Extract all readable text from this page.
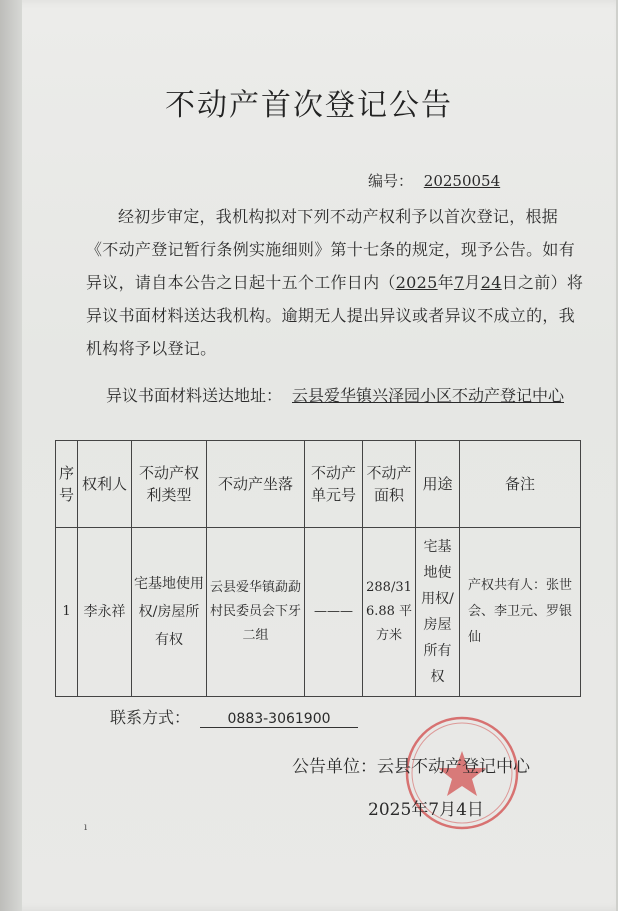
不动产首次登记公告
编号： 20250054
经初步审定，我机构拟对下列不动产权利予以首次登记，根据《不动产登记暂行条例实施细则》第十七条的规定，现予公告。如有异议，请自本公告之日起十五个工作日内（2025年7月24日之前）将异议书面材料送达我机构。逾期无人提出异议或者异议不成立的，我机构将予以登记。
异议书面材料送达地址： 云县爱华镇兴泽园小区不动产登记中心
序号	权利人	不动产权利类型	不动产坐落	不动产单元号	不动产面积	用途	备注
1	李永祥	宅基地使用权/房屋所有权	云县爱华镇勐勐村民委员会下牙二组	———	288/316.88 平方米	宅基地使用权/房屋所有权	产权共有人：张世会、李卫元、罗银仙
联系方式：	0883-3061900
公告单位：云县不动产登记中心
2025年7月4日
ı
